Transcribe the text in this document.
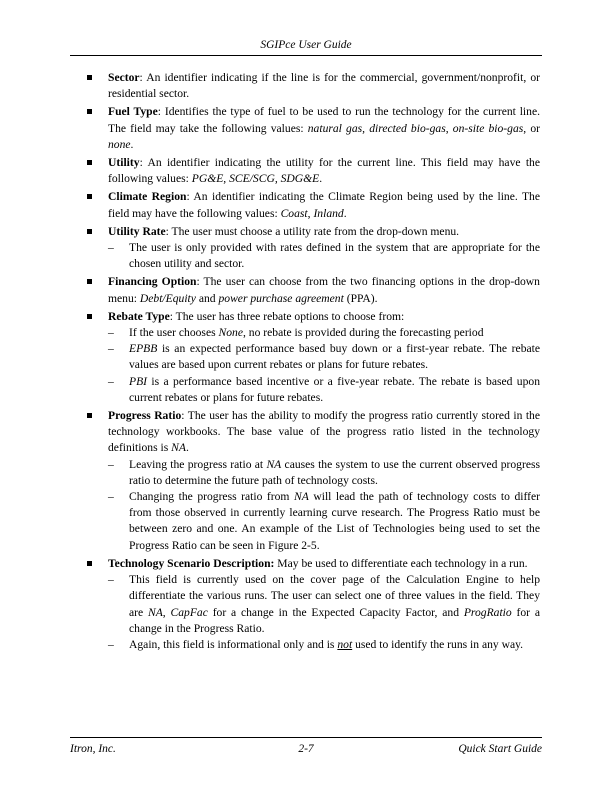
SGIPce User Guide
Sector: An identifier indicating if the line is for the commercial, government/nonprofit, or residential sector.
Fuel Type: Identifies the type of fuel to be used to run the technology for the current line. The field may take the following values: natural gas, directed bio-gas, on-site bio-gas, or none.
Utility: An identifier indicating the utility for the current line. This field may have the following values: PG&E, SCE/SCG, SDG&E.
Climate Region: An identifier indicating the Climate Region being used by the line. The field may have the following values: Coast, Inland.
Utility Rate: The user must choose a utility rate from the drop-down menu.
– The user is only provided with rates defined in the system that are appropriate for the chosen utility and sector.
Financing Option: The user can choose from the two financing options in the drop-down menu: Debt/Equity and power purchase agreement (PPA).
Rebate Type: The user has three rebate options to choose from:
– If the user chooses None, no rebate is provided during the forecasting period
– EPBB is an expected performance based buy down or a first-year rebate. The rebate values are based upon current rebates or plans for future rebates.
– PBI is a performance based incentive or a five-year rebate. The rebate is based upon current rebates or plans for future rebates.
Progress Ratio: The user has the ability to modify the progress ratio currently stored in the technology workbooks. The base value of the progress ratio listed in the technology definitions is NA.
– Leaving the progress ratio at NA causes the system to use the current observed progress ratio to determine the future path of technology costs.
– Changing the progress ratio from NA will lead the path of technology costs to differ from those observed in currently learning curve research. The Progress Ratio must be between zero and one. An example of the List of Technologies being used to set the Progress Ratio can be seen in Figure 2-5.
Technology Scenario Description: May be used to differentiate each technology in a run.
– This field is currently used on the cover page of the Calculation Engine to help differentiate the various runs. The user can select one of three values in the field. They are NA, CapFac for a change in the Expected Capacity Factor, and ProgRatio for a change in the Progress Ratio.
– Again, this field is informational only and is not used to identify the runs in any way.
Itron, Inc.	2-7	Quick Start Guide
